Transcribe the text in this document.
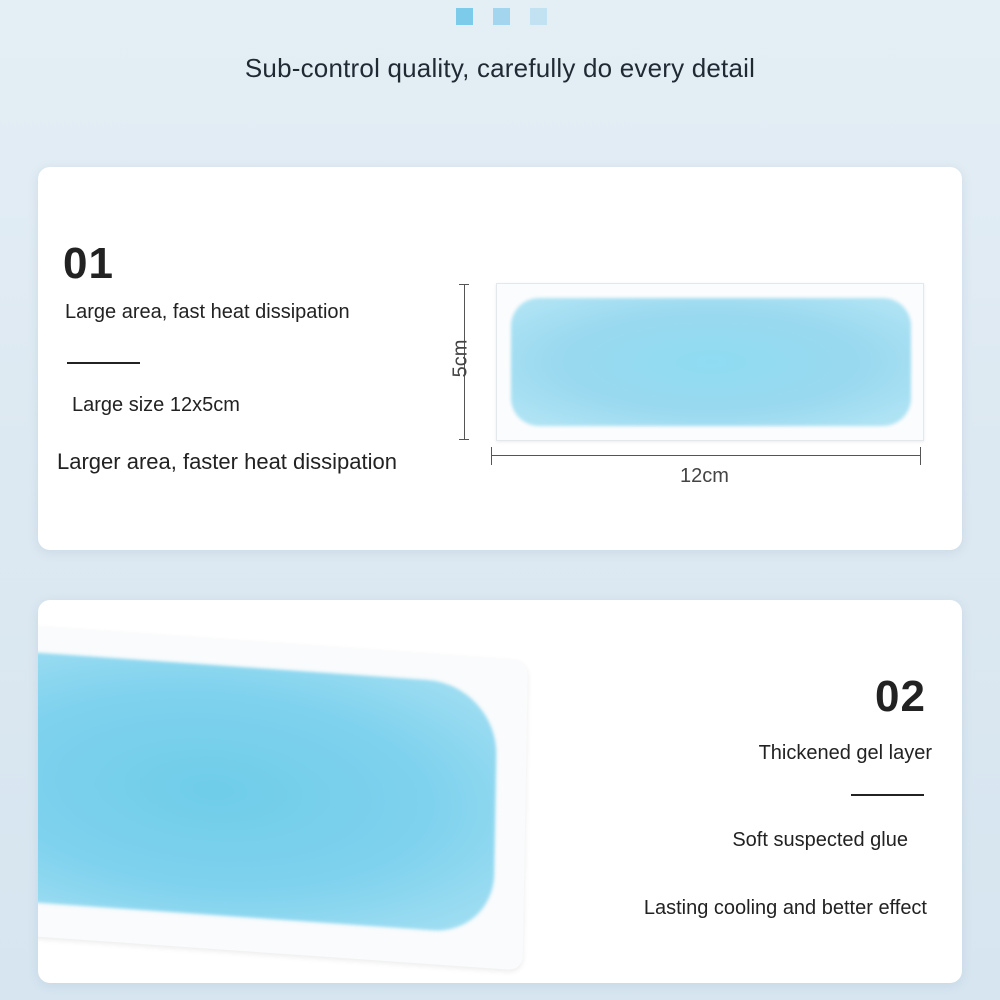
Sub-control quality, carefully do every detail
01
Large area, fast heat dissipation
Large size 12x5cm
Larger area, faster heat dissipation
5cm
12cm
02
Thickened gel layer
Soft suspected glue
Lasting cooling and better effect
